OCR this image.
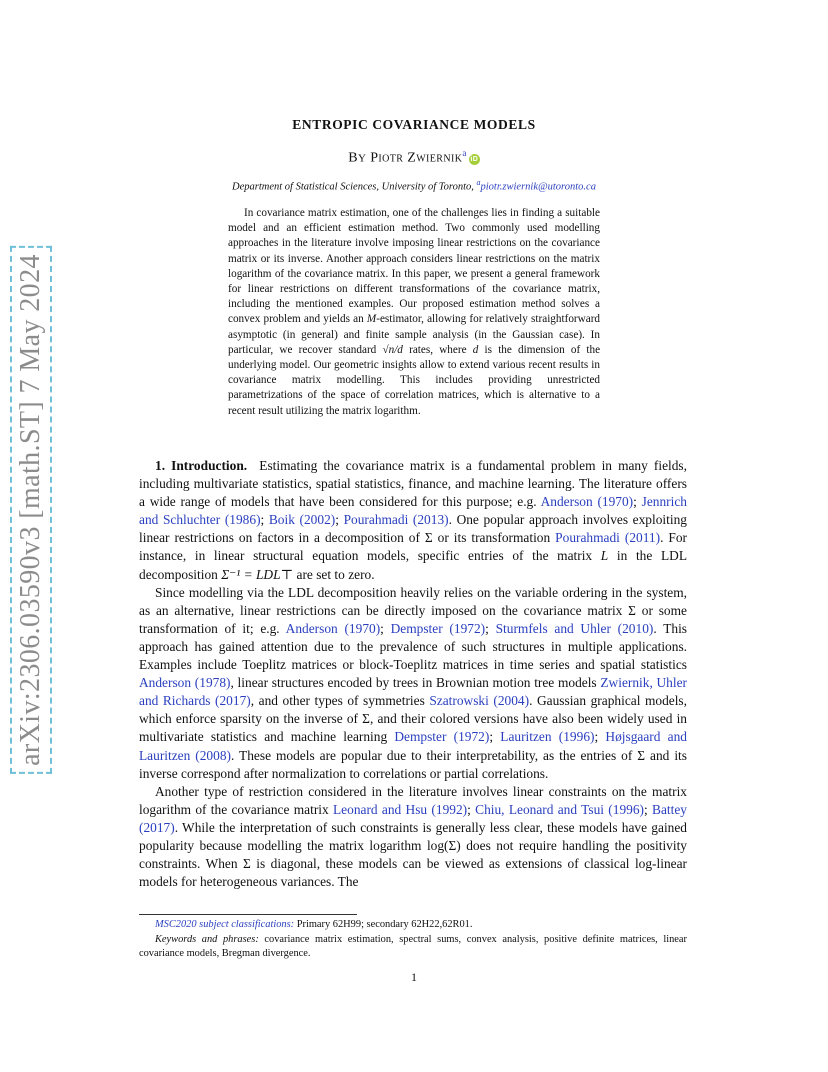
arXiv:2306.03590v3 [math.ST] 7 May 2024
ENTROPIC COVARIANCE MODELS
BY Piotr Zwiernik$^a$iD
Department of Statistical Sciences, University of Toronto, $^a$piotr.zwiernik@utoronto.ca

In covariance matrix estimation, one of the challenges lies in finding a suitable model and an efficient estimation method. Two commonly used modelling approaches in the literature involve imposing linear restrictions on the covariance matrix or its inverse. Another approach considers linear restrictions on the matrix logarithm of the covariance matrix. In this paper, we present a general framework for linear restrictions on different transformations of the covariance matrix, including the mentioned examples. Our proposed estimation method solves a convex problem and yields an M-estimator, allowing for relatively straightforward asymptotic (in general) and finite sample analysis (in the Gaussian case). In particular, we recover standard √n/d rates, where d is the dimension of the underlying model. Our geometric insights allow to extend various recent results in covariance matrix modelling. This includes providing unrestricted parametrizations of the space of correlation matrices, which is alternative to a recent result utilizing the matrix logarithm.

1. Introduction. Estimating the covariance matrix is a fundamental problem in many fields, including multivariate statistics, spatial statistics, finance, and machine learning. The literature offers a wide range of models that have been considered for this purpose; e.g. Anderson (1970); Jennrich and Schluchter (1986); Boik (2002); Pourahmadi (2013). One popular approach involves exploiting linear restrictions on factors in a decomposition of Σ or its transformation Pourahmadi (2011). For instance, in linear structural equation models, specific entries of the matrix L in the LDL decomposition Σ⁻¹ = LDL⊤ are set to zero.

Since modelling via the LDL decomposition heavily relies on the variable ordering in the system, as an alternative, linear restrictions can be directly imposed on the covariance matrix Σ or some transformation of it; e.g. Anderson (1970); Dempster (1972); Sturmfels and Uhler (2010). This approach has gained attention due to the prevalence of such structures in multiple applications. Examples include Toeplitz matrices or block-Toeplitz matrices in time series and spatial statistics Anderson (1978), linear structures encoded by trees in Brownian motion tree models Zwiernik, Uhler and Richards (2017), and other types of symmetries Szatrowski (2004). Gaussian graphical models, which enforce sparsity on the inverse of Σ, and their colored versions have also been widely used in multivariate statistics and machine learning Dempster (1972); Lauritzen (1996); Højsgaard and Lauritzen (2008). These models are popular due to their interpretability, as the entries of Σ and its inverse correspond after normalization to correlations or partial correlations.

Another type of restriction considered in the literature involves linear constraints on the matrix logarithm of the covariance matrix Leonard and Hsu (1992); Chiu, Leonard and Tsui (1996); Battey (2017). While the interpretation of such constraints is generally less clear, these models have gained popularity because modelling the matrix logarithm log(Σ) does not require handling the positivity constraints. When Σ is diagonal, these models can be viewed as extensions of classical log-linear models for heterogeneous variances. The

MSC2020 subject classifications: Primary 62H99; secondary 62H22,62R01.

Keywords and phrases: covariance matrix estimation, spectral sums, convex analysis, positive definite matrices, linear covariance models, Bregman divergence.

1
